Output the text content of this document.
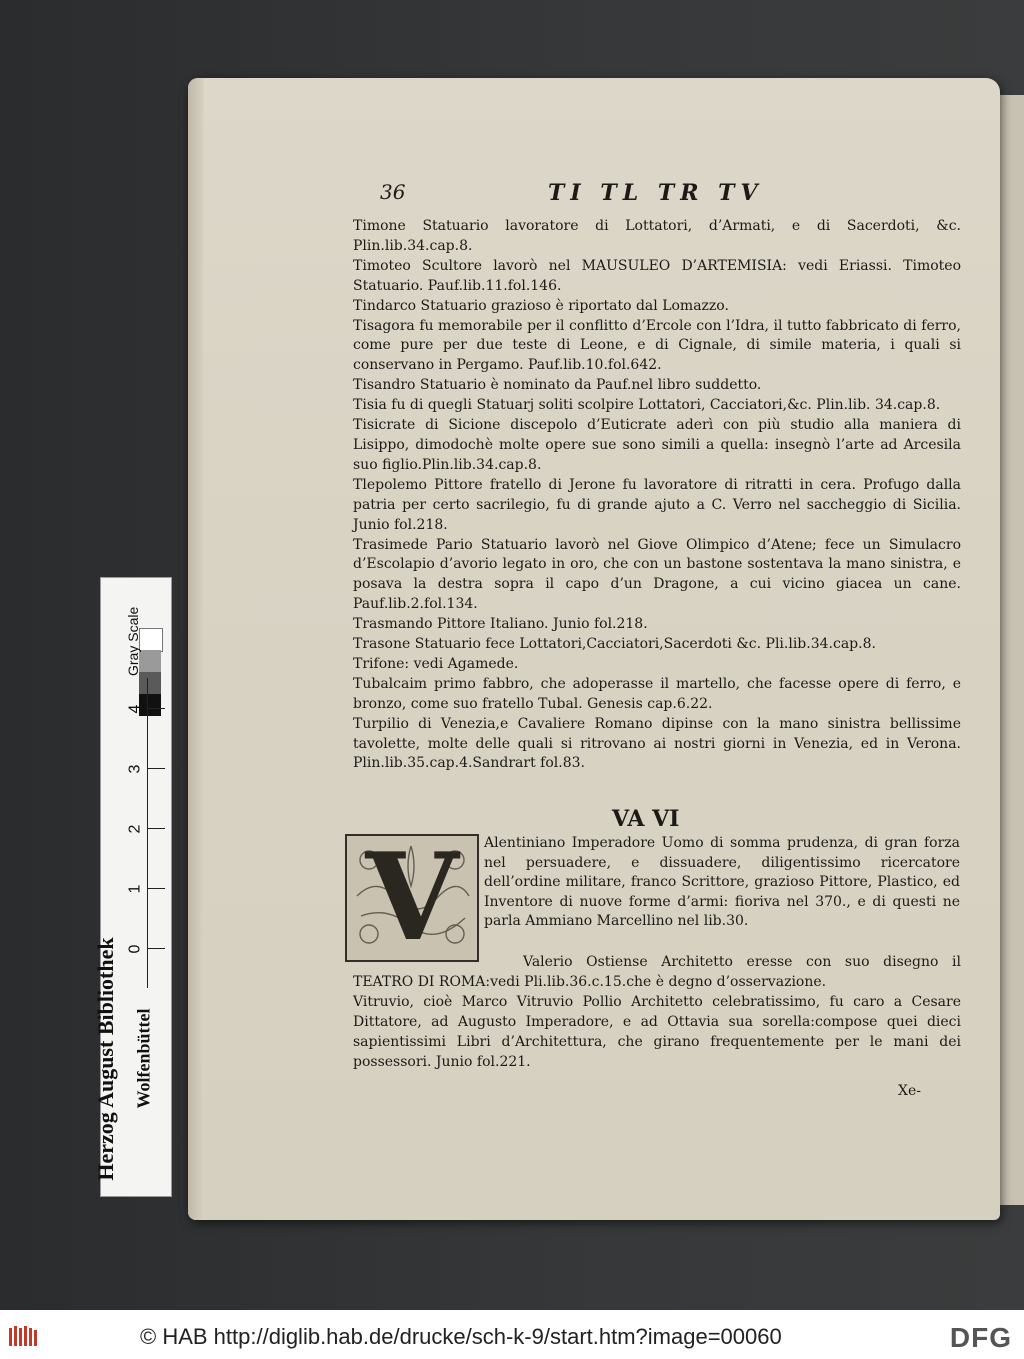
Gray Scale
4
3
2
1
0
Herzog August Bibliothek Wolfenbüttel
36	TI TL TR TV

Timone Statuario lavoratore di Lottatori, d’Armati, e di Sacerdoti, &c. Plin.lib.34.cap.8.

Timoteo Scultore lavorò nel MAUSULEO D’ARTEMISIA: vedi Eriassi. Timoteo Statuario. Pauf.lib.11.fol.146.

Tindarco Statuario grazioso è riportato dal Lomazzo.

Tisagora fu memorabile per il conflitto d’Ercole con l’Idra, il tutto fabbricato di ferro, come pure per due teste di Leone, e di Cignale, di simile materia, i quali si conservano in Pergamo. Pauf.lib.10.fol.642.

Tisandro Statuario è nominato da Pauf.nel libro suddetto.

Tisia fu di quegli Statuarj soliti scolpire Lottatori, Cacciatori,&c. Plin.lib. 34.cap.8.

Tisicrate di Sicione discepolo d’Euticrate aderì con più studio alla maniera di Lisippo, dimodochè molte opere sue sono simili a quella: insegnò l’arte ad Arcesila suo figlio.Plin.lib.34.cap.8.

Tlepolemo Pittore fratello di Jerone fu lavoratore di ritratti in cera. Profugo dalla patria per certo sacrilegio, fu di grande ajuto a C. Verro nel saccheggio di Sicilia. Junio fol.218.

Trasimede Pario Statuario lavorò nel Giove Olimpico d’Atene; fece un Simulacro d’Escolapio d’avorio legato in oro, che con un bastone sostentava la mano sinistra, e posava la destra sopra il capo d’un Dragone, a cui vicino giacea un cane. Pauf.lib.2.fol.134.

Trasmando Pittore Italiano. Junio fol.218.

Trasone Statuario fece Lottatori,Cacciatori,Sacerdoti &c. Pli.lib.34.cap.8.

Trifone: vedi Agamede.

Tubalcaim primo fabbro, che adoperasse il martello, che facesse opere di ferro, e bronzo, come suo fratello Tubal. Genesis cap.6.22.

Turpilio di Venezia,e Cavaliere Romano dipinse con la mano sinistra bellissime tavolette, molte delle quali si ritrovano ai nostri giorni in Venezia, ed in Verona. Plin.lib.35.cap.4.Sandrart fol.83.

VA VI
V	Alentiniano Imperadore Uomo di somma prudenza, di gran forza nel persuadere, e dissuadere, diligentissimo ricercatore dell’ordine militare, franco Scrittore, grazioso Pittore, Plastico, ed Inventore di nuove forme d’armi: fioriva nel 370., e di questi ne parla Ammiano Marcellino nel lib.30.

Valerio Ostiense Architetto eresse con suo disegno il TEATRO DI ROMA:vedi Pli.lib.36.c.15.che è degno d’osservazione.

Vitruvio, cioè Marco Vitruvio Pollio Architetto celebratissimo, fu caro a Cesare Dittatore, ad Augusto Imperadore, e ad Ottavia sua sorella:compose quei dieci sapientissimi Libri d’Architettura, che girano frequentemente per le mani dei possessori. Junio fol.221.

Xe-
© HAB http://diglib.hab.de/drucke/sch-k-9/start.htm?image=00060	DFG
